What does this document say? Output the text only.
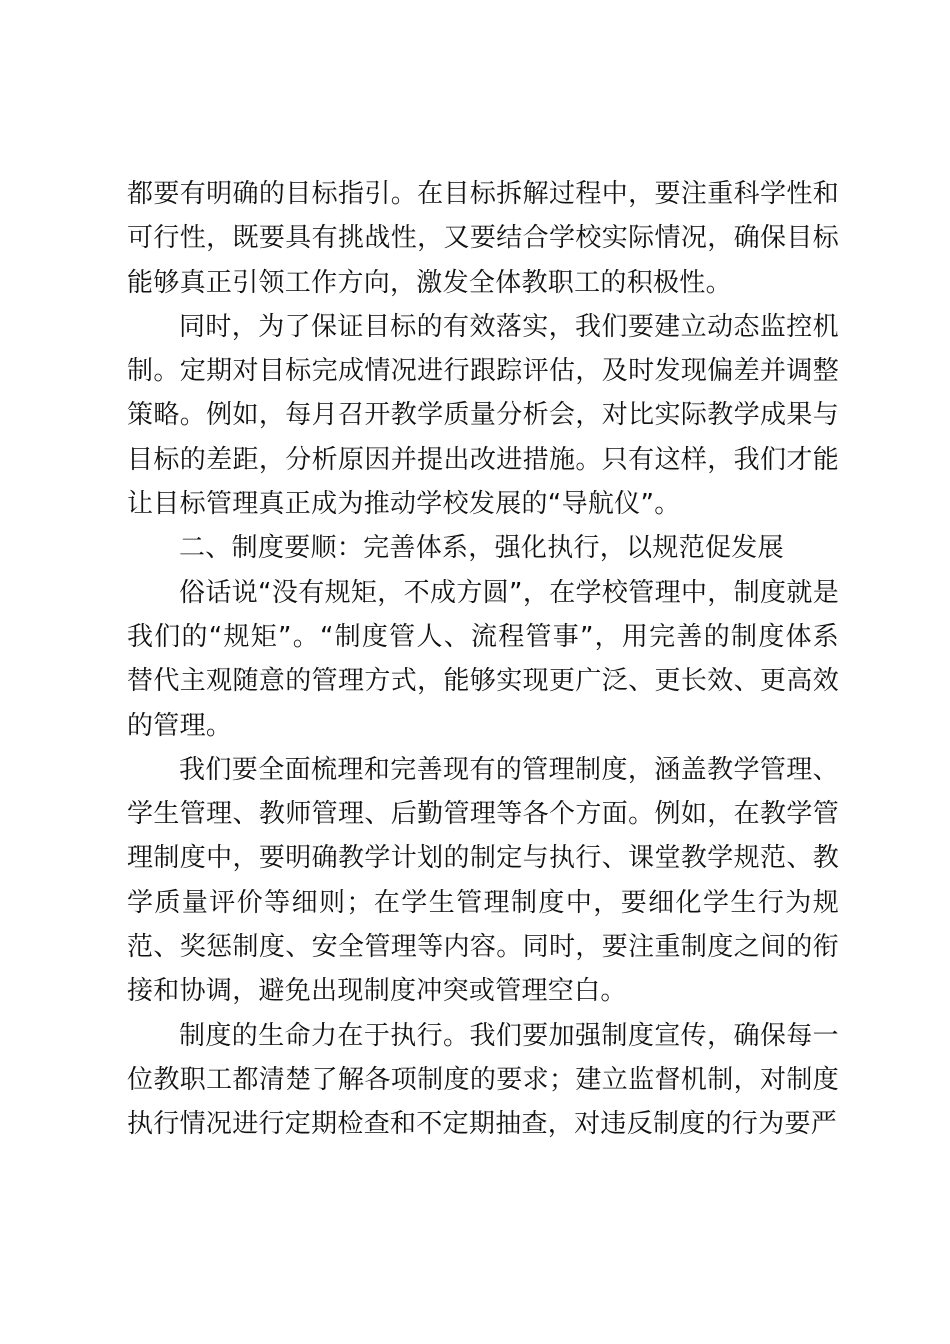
都要有明确的目标指引。在目标拆解过程中，要注重科学性和可行性，既要具有挑战性，又要结合学校实际情况，确保目标能够真正引领工作方向，激发全体教职工的积极性。

同时，为了保证目标的有效落实，我们要建立动态监控机制。定期对目标完成情况进行跟踪评估，及时发现偏差并调整策略。例如，每月召开教学质量分析会，对比实际教学成果与目标的差距，分析原因并提出改进措施。只有这样，我们才能让目标管理真正成为推动学校发展的“导航仪”。

二、制度要顺：完善体系，强化执行，以规范促发展

俗话说“没有规矩，不成方圆”，在学校管理中，制度就是我们的“规矩”。“制度管人、流程管事”，用完善的制度体系替代主观随意的管理方式，能够实现更广泛、更长效、更高效的管理。

我们要全面梳理和完善现有的管理制度，涵盖教学管理、学生管理、教师管理、后勤管理等各个方面。例如，在教学管理制度中，要明确教学计划的制定与执行、课堂教学规范、教学质量评价等细则；在学生管理制度中，要细化学生行为规范、奖惩制度、安全管理等内容。同时，要注重制度之间的衔接和协调，避免出现制度冲突或管理空白。

制度的生命力在于执行。我们要加强制度宣传，确保每一位教职工都清楚了解各项制度的要求；建立监督机制，对制度执行情况进行定期检查和不定期抽查，对违反制度的行为要严
